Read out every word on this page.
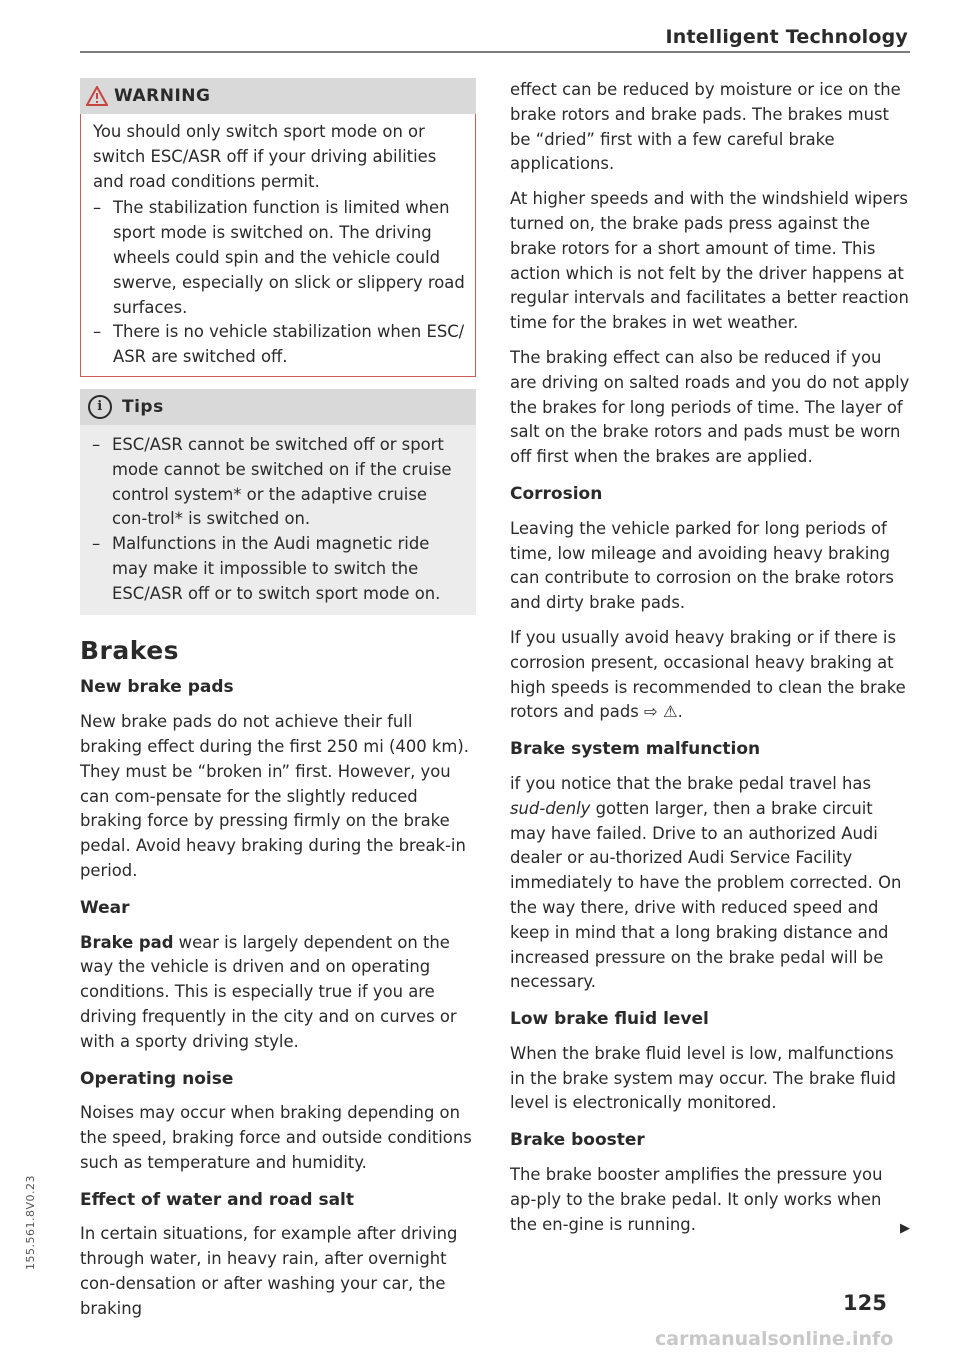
Intelligent Technology
WARNING

You should only switch sport mode on or switch ESC/ASR off if your driving abilities and road conditions permit.

– The stabilization function is limited when sport mode is switched on. The driving wheels could spin and the vehicle could swerve, especially on slick or slippery road surfaces.
– There is no vehicle stabilization when ESC/ ASR are switched off.
i	Tips
– ESC/ASR cannot be switched off or sport mode cannot be switched on if the cruise control system* or the adaptive cruise con-trol* is switched on.
– Malfunctions in the Audi magnetic ride may make it impossible to switch the ESC/ASR off or to switch sport mode on.
Brakes
New brake pads

New brake pads do not achieve their full braking effect during the first 250 mi (400 km). They must be “broken in” first. However, you can com-pensate for the slightly reduced braking force by pressing firmly on the brake pedal. Avoid heavy braking during the break-in period.

Wear

Brake pad wear is largely dependent on the way the vehicle is driven and on operating conditions. This is especially true if you are driving frequently in the city and on curves or with a sporty driving style.

Operating noise

Noises may occur when braking depending on the speed, braking force and outside conditions such as temperature and humidity.

Effect of water and road salt

In certain situations, for example after driving through water, in heavy rain, after overnight con-densation or after washing your car, the braking

effect can be reduced by moisture or ice on the brake rotors and brake pads. The brakes must be “dried” first with a few careful brake applications.

At higher speeds and with the windshield wipers turned on, the brake pads press against the brake rotors for a short amount of time. This action which is not felt by the driver happens at regular intervals and facilitates a better reaction time for the brakes in wet weather.

The braking effect can also be reduced if you are driving on salted roads and you do not apply the brakes for long periods of time. The layer of salt on the brake rotors and pads must be worn off first when the brakes are applied.

Corrosion

Leaving the vehicle parked for long periods of time, low mileage and avoiding heavy braking can contribute to corrosion on the brake rotors and dirty brake pads.

If you usually avoid heavy braking or if there is corrosion present, occasional heavy braking at high speeds is recommended to clean the brake rotors and pads ⇨ ⚠.

Brake system malfunction

if you notice that the brake pedal travel has sud-denly gotten larger, then a brake circuit may have failed. Drive to an authorized Audi dealer or au-thorized Audi Service Facility immediately to have the problem corrected. On the way there, drive with reduced speed and keep in mind that a long braking distance and increased pressure on the brake pedal will be necessary.

Low brake fluid level

When the brake fluid level is low, malfunctions in the brake system may occur. The brake fluid level is electronically monitored.

Brake booster

The brake booster amplifies the pressure you ap-ply to the brake pedal. It only works when the en-gine is running.	▶

125
155.561.8V0.23
carmanualsonline.info
